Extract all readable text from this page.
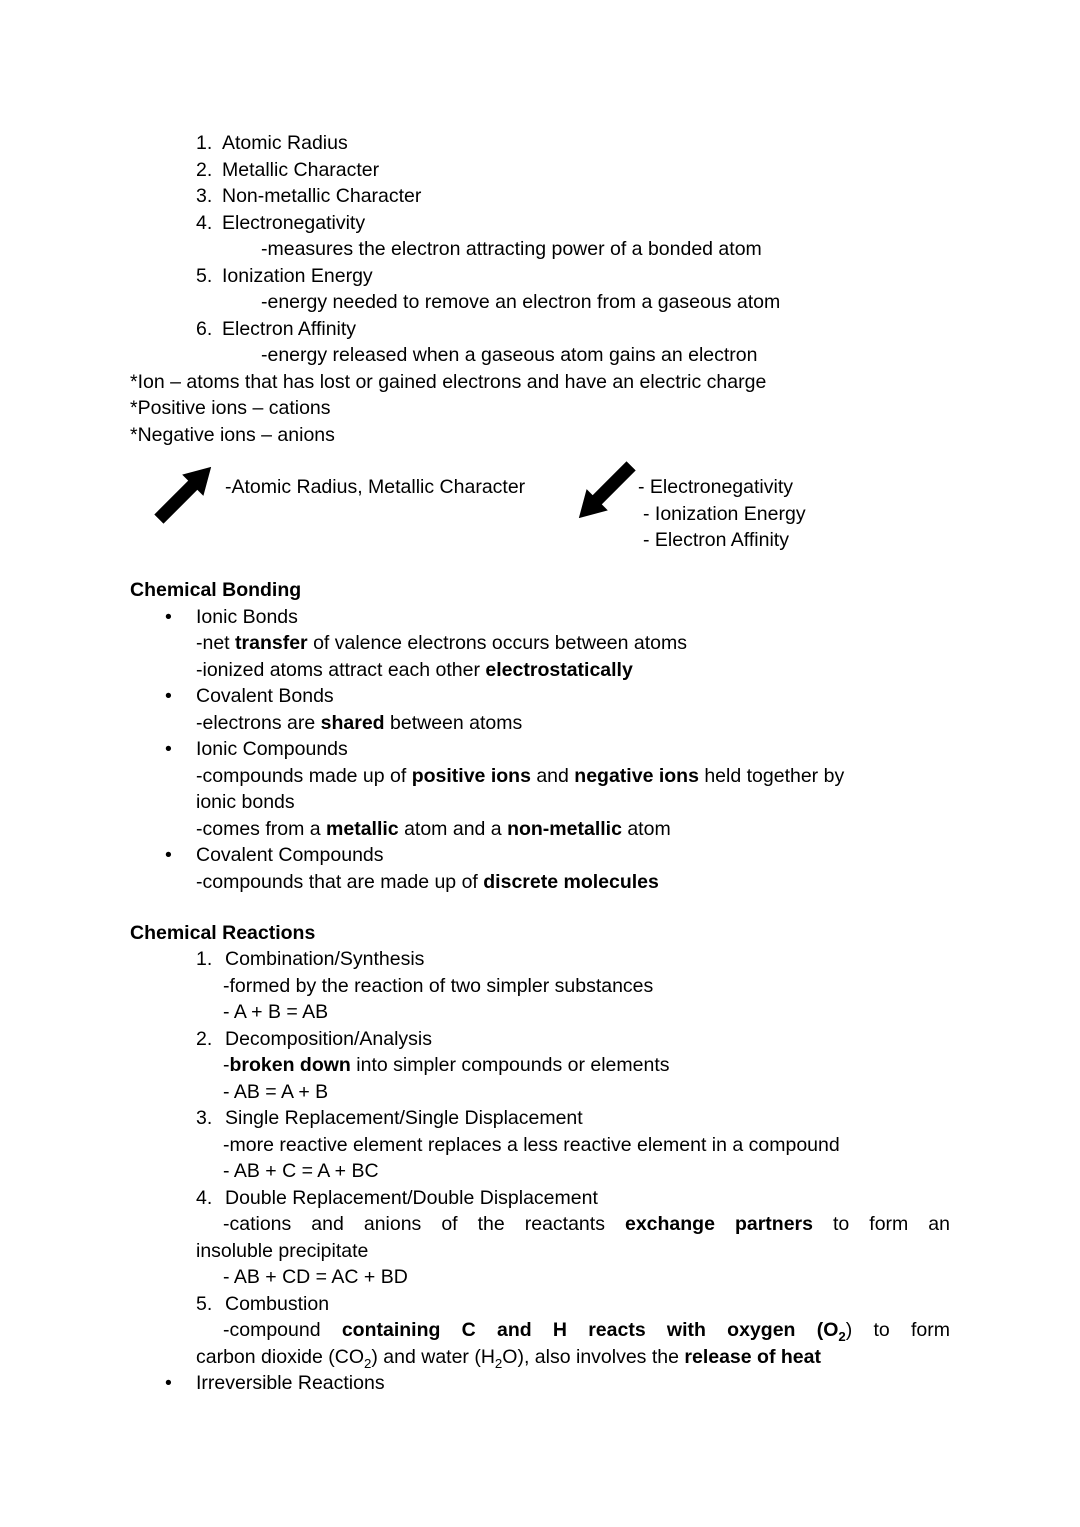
1. Atomic Radius
2. Metallic Character
3. Non-metallic Character
4. Electronegativity
-measures the electron attracting power of a bonded atom
5. Ionization Energy
-energy needed to remove an electron from a gaseous atom
6. Electron Affinity
-energy released when a gaseous atom gains an electron
*Ion – atoms that has lost or gained electrons and have an electric charge
*Positive ions – cations
*Negative ions – anions
-Atomic Radius, Metallic Character	- Electronegativity
- Ionization Energy
- Electron Affinity
Chemical Bonding
• Ionic Bonds
-net transfer of valence electrons occurs between atoms
-ionized atoms attract each other electrostatically
• Covalent Bonds
-electrons are shared between atoms
• Ionic Compounds
-compounds made up of positive ions and negative ions held together by
ionic bonds
-comes from a metallic atom and a non-metallic atom
• Covalent Compounds
-compounds that are made up of discrete molecules
Chemical Reactions
1. Combination/Synthesis
-formed by the reaction of two simpler substances
- A + B = AB
2. Decomposition/Analysis
-broken down into simpler compounds or elements
- AB = A + B
3. Single Replacement/Single Displacement
-more reactive element replaces a less reactive element in a compound
- AB + C = A + BC
4. Double Replacement/Double Displacement
-cations and anions of the reactants exchange partners to form an
insoluble precipitate
- AB + CD = AC + BD
5. Combustion
-compound containing C and H reacts with oxygen $(O_2)$ to form
carbon dioxide $(CO_2)$ and water $(H_2O)$, also involves the release of heat
• Irreversible Reactions
